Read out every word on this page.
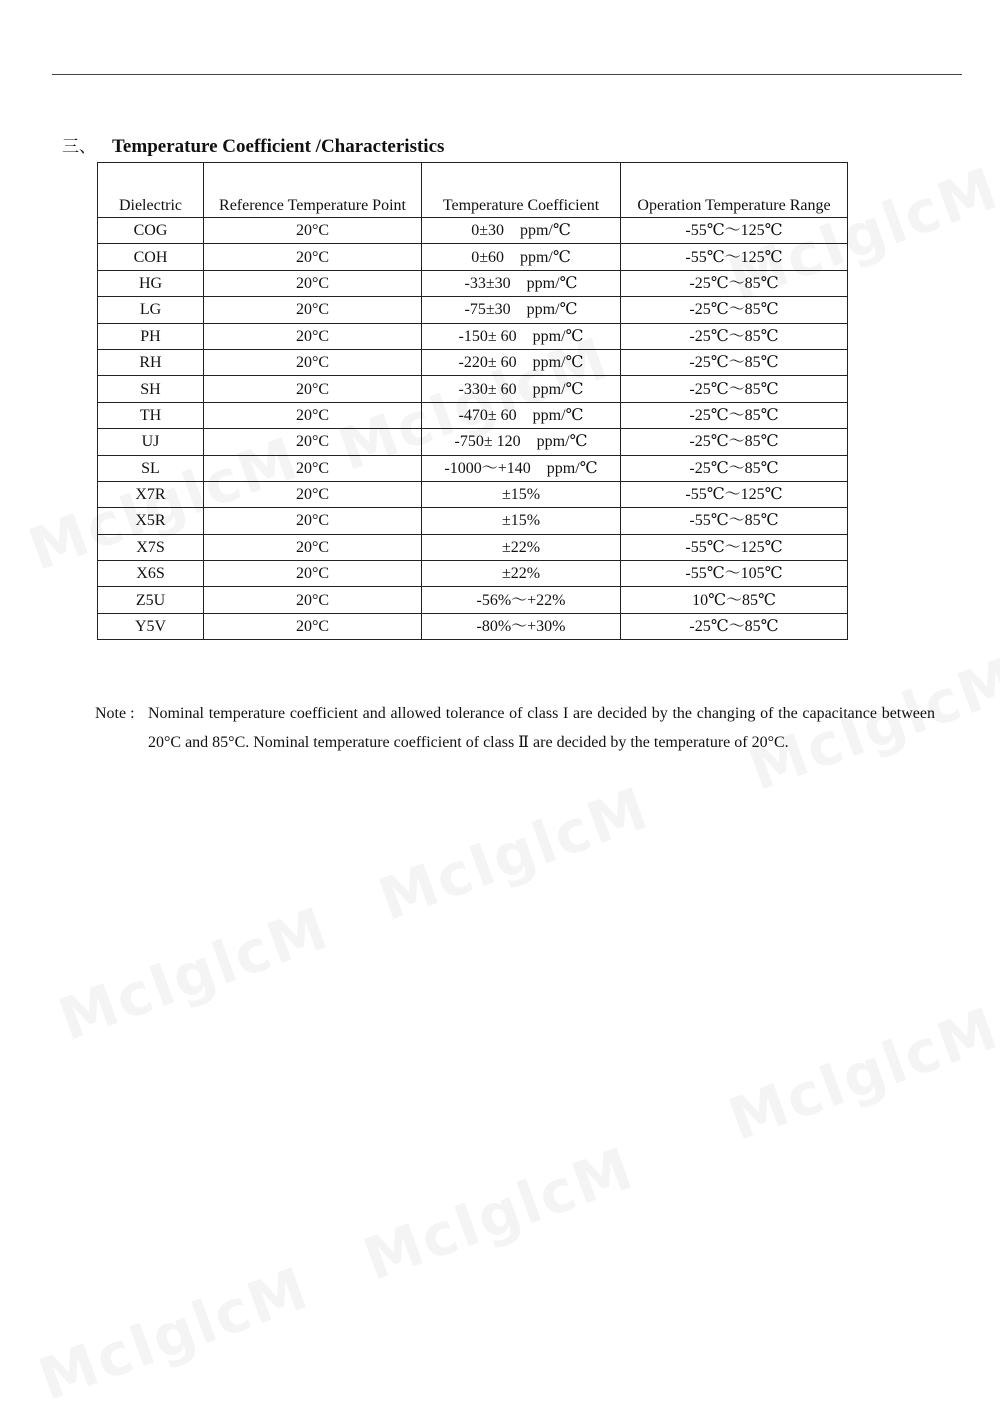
三、 Temperature Coefficient /Characteristics
Dielectric	Reference Temperature Point	Temperature Coefficient	Operation Temperature Range
COG	20°C	0±30    ppm/℃	-55℃～125℃
COH	20°C	0±60    ppm/℃	-55℃～125℃
HG	20°C	-33±30    ppm/℃	-25℃～85℃
LG	20°C	-75±30    ppm/℃	-25℃～85℃
PH	20°C	-150± 60    ppm/℃	-25℃～85℃
RH	20°C	-220± 60    ppm/℃	-25℃～85℃
SH	20°C	-330± 60    ppm/℃	-25℃～85℃
TH	20°C	-470± 60    ppm/℃	-25℃～85℃
UJ	20°C	-750± 120    ppm/℃	-25℃～85℃
SL	20°C	-1000～+140    ppm/℃	-25℃～85℃
X7R	20°C	±15%	-55℃～125℃
X5R	20°C	±15%	-55℃～85℃
X7S	20°C	±22%	-55℃～125℃
X6S	20°C	±22%	-55℃～105℃
Z5U	20°C	-56%～+22%	10℃～85℃
Y5V	20°C	-80%～+30%	-25℃～85℃
Note : Nominal temperature coefficient and allowed tolerance of class I are decided by the changing of the capacitance between 20°C and 85°C. Nominal temperature coefficient of class Ⅱ are decided by the temperature of 20°C.
